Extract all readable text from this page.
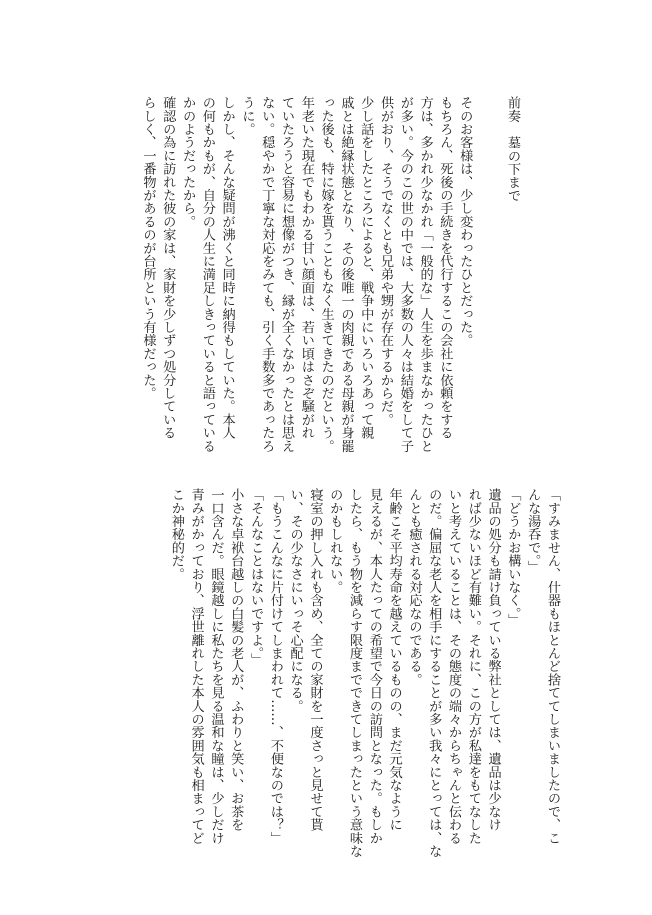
前奏墓の下まで
そのお客様は、少し変わったひとだった。
もちろん、死後の手続きを代行するこの会社に依頼をする
方は、多かれ少なかれ「一般的な」人生を歩まなかったひと
が多い。今のこの世の中では、大多数の人々は結婚をして子
供がおり、そうでなくとも兄弟や甥が存在するからだ。
少し話をしたところによると、戦争中にいろいろあって親
戚とは絶縁状態となり、その後唯一の肉親である母親が身罷
った後も、特に嫁を貰うこともなく生きてきたのだという。
年老いた現在でもわかる甘い顔面は、若い頃はさぞ騒がれ
ていたろうと容易に想像がつき、縁が全くなかったとは思え
ない。穏やかで丁寧な対応をみても、引く手数多であったろ
うに。
しかし、そんな疑問が沸くと同時に納得もしていた。本人
の何もかもが、自分の人生に満足しきっていると語っている
かのようだったから。
確認の為に訪れた彼の家は、家財を少しずつ処分している
らしく、一番物があるのが台所という有様だった。
「すみません、什器もほとんど捨ててしまいましたので、こ
んな湯呑で。」
「どうかお構いなく。」
遺品の処分も請け負っている弊社としては、遺品は少なけ
れば少ないほど有難い。それに、この方が私達をもてなした
いと考えていることは、その態度の端々からちゃんと伝わる
のだ。偏屈な老人を相手にすることが多い我々にとっては、な
んとも癒される対応なのである。
年齢こそ平均寿命を越えているものの、まだ元気なように
見えるが、本人たっての希望で今日の訪問となった。もしか
したら、もう物を減らす限度までできてしまったという意味な
のかもしれない。
寝室の押し入れも含め、全ての家財を一度さっと見せて貰
い、その少なさにいっそ心配になる。
「もうこんなに片付けてしまわれて……、不便なのでは？」
「そんなことはないですよ。」
小さな卓袱台越しの白髪の老人が、ふわりと笑い、お茶を
一口含んだ。眼鏡越しに私たちを見る温和な瞳は、少しだけ
青みがかっており、浮世離れした本人の雰囲気も相まってど
こか神秘的だ。
